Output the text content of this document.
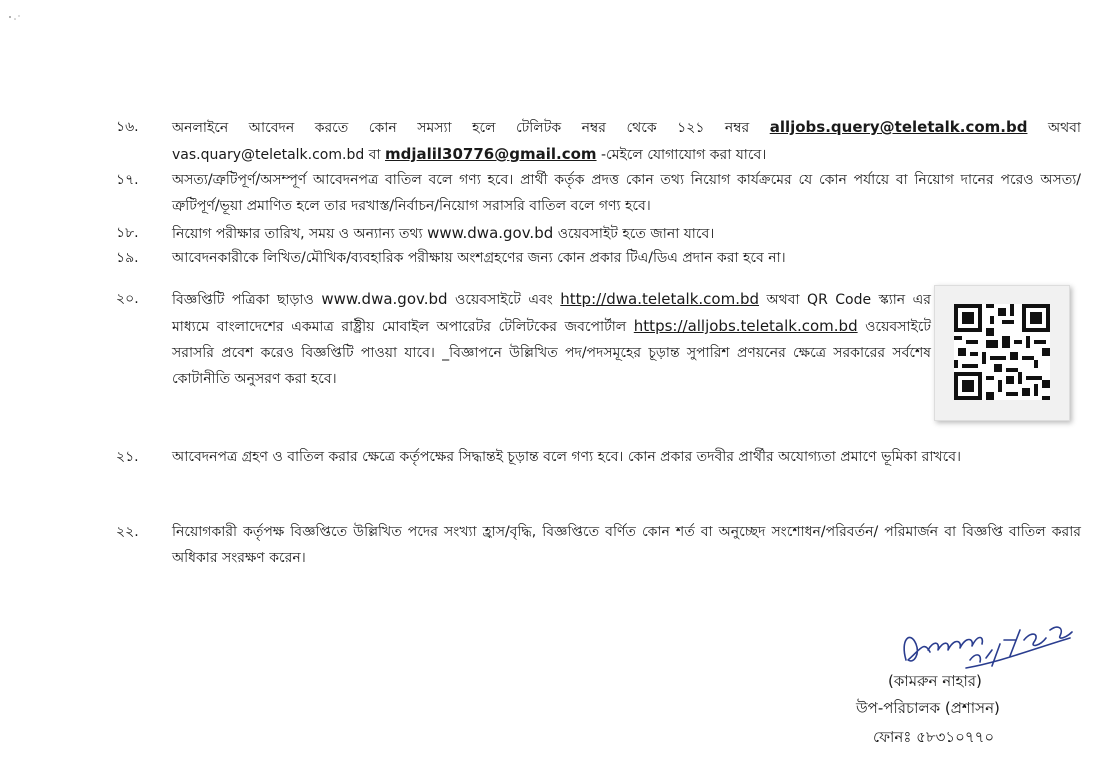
১৬.	অনলাইনে আবেদন করতে কোন সমস্যা হলে টেলিটক নম্বর থেকে ১২১ নম্বর alljobs.query@teletalk.com.bd অথবা vas.quary@teletalk.com.bd বা mdjalil30776@gmail.com -মেইলে যোগাযোগ করা যাবে।
১৭.	অসত্য/ত্রুটিপূর্ণ/অসম্পূর্ণ আবেদনপত্র বাতিল বলে গণ্য হবে। প্রার্থী কর্তৃক প্রদত্ত কোন তথ্য নিয়োগ কার্যক্রমের যে কোন পর্যায়ে বা নিয়োগ দানের পরেও অসত্য/ত্রুটিপূর্ণ/ভূয়া প্রমাণিত হলে তার দরখাস্ত/নির্বাচন/নিয়োগ সরাসরি বাতিল বলে গণ্য হবে।
১৮.	নিয়োগ পরীক্ষার তারিখ, সময় ও অন্যান্য তথ্য www.dwa.gov.bd ওয়েবসাইট হতে জানা যাবে।
১৯.	আবেদনকারীকে লিখিত/মৌখিক/ব্যবহারিক পরীক্ষায় অংশগ্রহণের জন্য কোন প্রকার টিএ/ডিএ প্রদান করা হবে না।
২০.	বিজ্ঞপ্তিটি পত্রিকা ছাড়াও www.dwa.gov.bd ওয়েবসাইটে এবং http://dwa.teletalk.com.bd অথবা QR Code স্ক্যান এর মাধ্যমে বাংলাদেশের একমাত্র রাষ্ট্রীয় মোবাইল অপারেটর টেলিটকের জবপোর্টাল https://alljobs.teletalk.com.bd ওয়েবসাইটে সরাসরি প্রবেশ করেও বিজ্ঞপ্তিটি পাওয়া যাবে। _বিজ্ঞাপনে উল্লিখিত পদ/পদসমূহের চূড়ান্ত সুপারিশ প্রণয়নের ক্ষেত্রে সরকারের সর্বশেষ কোটানীতি অনুসরণ করা হবে।
২১.	আবেদনপত্র গ্রহণ ও বাতিল করার ক্ষেত্রে কর্তৃপক্ষের সিদ্ধান্তই চূড়ান্ত বলে গণ্য হবে। কোন প্রকার তদবীর প্রার্থীর অযোগ্যতা প্রমাণে ভূমিকা রাখবে।
২২.	নিয়োগকারী কর্তৃপক্ষ বিজ্ঞপ্তিতে উল্লিখিত পদের সংখ্যা হ্রাস/বৃদ্ধি, বিজ্ঞপ্তিতে বর্ণিত কোন শর্ত বা অনুচ্ছেদ সংশোধন/পরিবর্তন/ পরিমার্জন বা বিজ্ঞপ্তি বাতিল করার অধিকার সংরক্ষণ করেন।
(কামরুন নাহার)
উপ-পরিচালক (প্রশাসন)
ফোনঃ ৫৮৩১০৭৭০
